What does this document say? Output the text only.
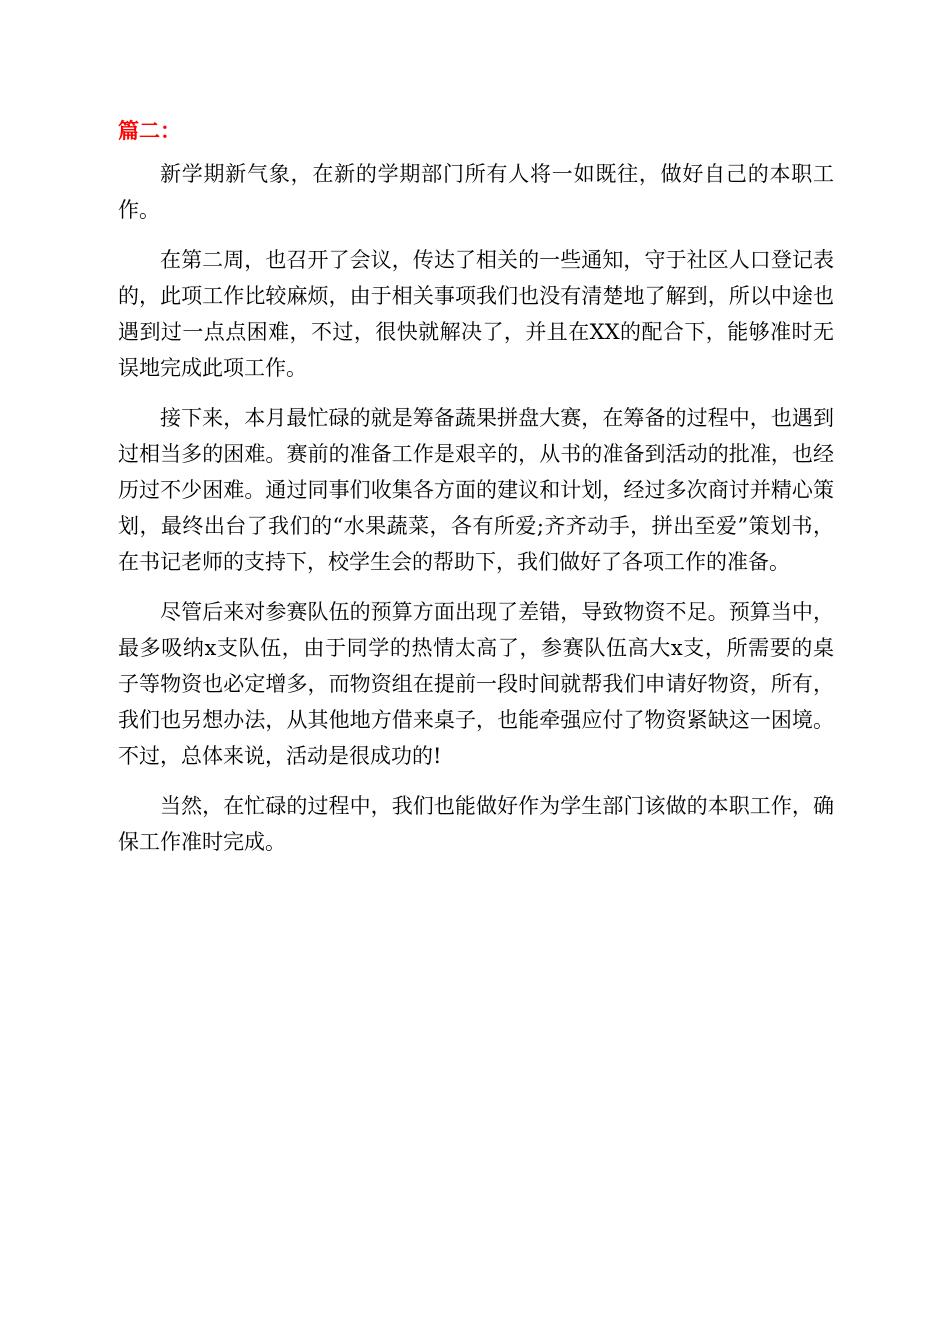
篇二：

新学期新气象，在新的学期部门所有人将一如既往，做好自己的本职工作。

在第二周，也召开了会议，传达了相关的一些通知，守于社区人口登记表的，此项工作比较麻烦，由于相关事项我们也没有清楚地了解到，所以中途也遇到过一点点困难，不过，很快就解决了，并且在XX的配合下，能够准时无误地完成此项工作。

接下来，本月最忙碌的就是筹备蔬果拼盘大赛，在筹备的过程中，也遇到过相当多的困难。赛前的准备工作是艰辛的，从书的准备到活动的批准，也经历过不少困难。通过同事们收集各方面的建议和计划，经过多次商讨并精心策划，最终出台了我们的“水果蔬菜，各有所爱;齐齐动手，拼出至爱”策划书，在书记老师的支持下，校学生会的帮助下，我们做好了各项工作的准备。

尽管后来对参赛队伍的预算方面出现了差错，导致物资不足。预算当中，最多吸纳x支队伍，由于同学的热情太高了，参赛队伍高大x支，所需要的桌子等物资也必定增多，而物资组在提前一段时间就帮我们申请好物资，所有，我们也另想办法，从其他地方借来桌子，也能牵强应付了物资紧缺这一困境。不过，总体来说，活动是很成功的!

当然，在忙碌的过程中，我们也能做好作为学生部门该做的本职工作，确保工作准时完成。
